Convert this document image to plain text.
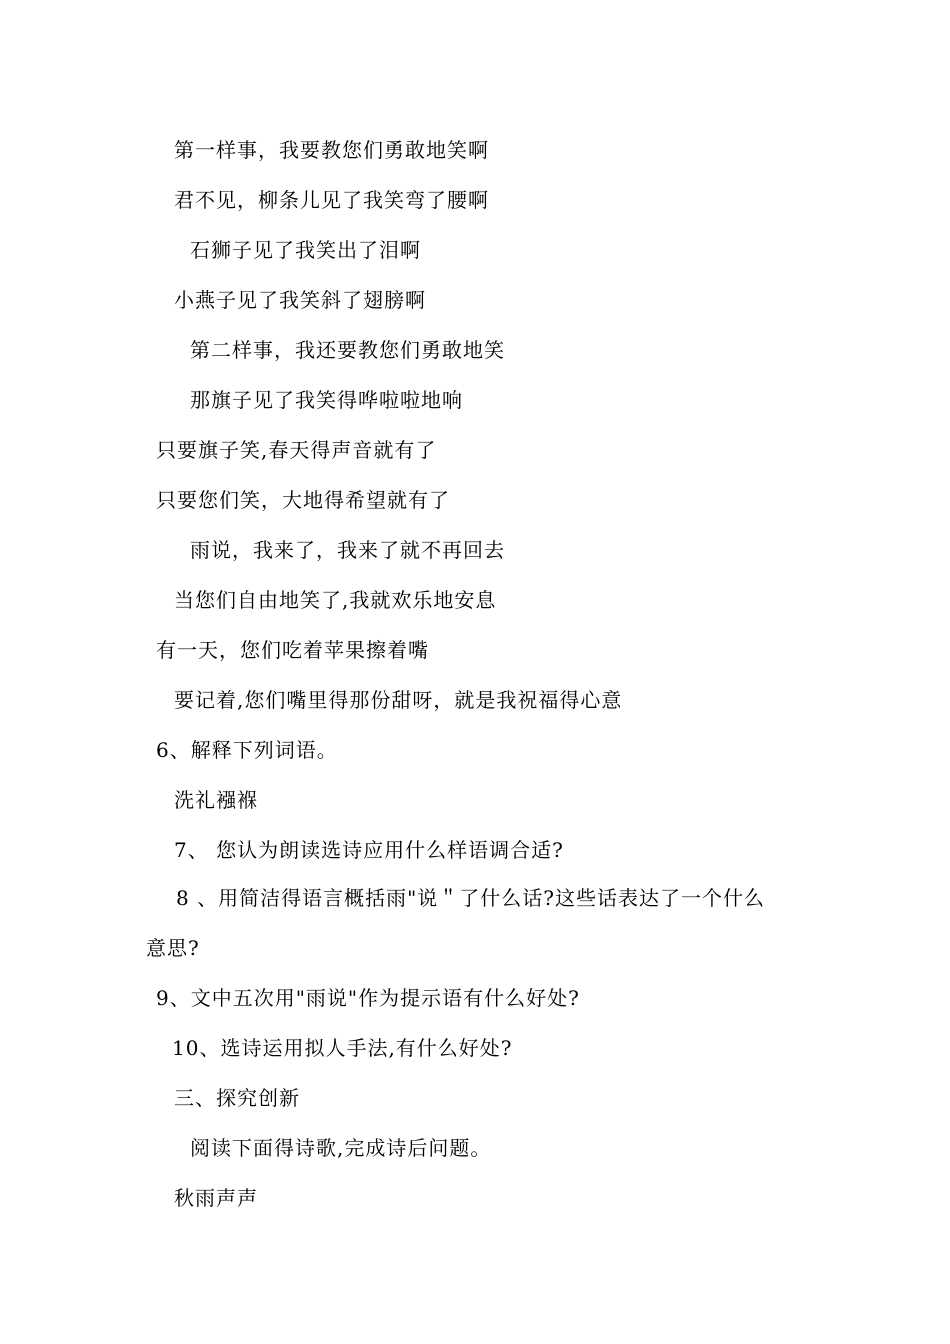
第一样事，我要教您们勇敢地笑啊
君不见，柳条儿见了我笑弯了腰啊
石狮子见了我笑出了泪啊
小燕子见了我笑斜了翅膀啊
第二样事，我还要教您们勇敢地笑
那旗子见了我笑得哗啦啦地响
只要旗子笑,春天得声音就有了
只要您们笑，大地得希望就有了
雨说，我来了，我来了就不再回去
当您们自由地笑了,我就欢乐地安息
有一天，您们吃着苹果擦着嘴
要记着,您们嘴里得那份甜呀，就是我祝福得心意
6、解释下列词语。
洗礼襁褓
7、 您认为朗读选诗应用什么样语调合适?
8 、用简洁得语言概括雨"说＂了什么话?这些话表达了一个什么
意思?
9、文中五次用"雨说"作为提示语有什么好处?
10、选诗运用拟人手法,有什么好处?
三、探究创新
阅读下面得诗歌,完成诗后问题。
秋雨声声
